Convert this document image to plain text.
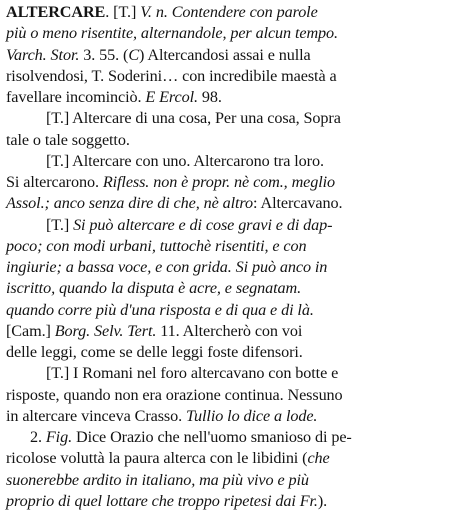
ALTERCARE. [T.] V. n. Contendere con parole
più o meno risentite, alternandole, per alcun tempo.
Varch. Stor. 3. 55. (C) Altercandosi assai e nulla
risolvendosi, T. Soderini… con incredibile maestà a
favellare incominciò. E Ercol. 98.
[T.] Altercare di una cosa, Per una cosa, Sopra
tale o tale soggetto.
[T.] Altercare con uno. Altercarono tra loro.
Si altercarono. Rifless. non è propr. nè com., meglio
Assol.; anco senza dire di che, nè altro: Altercavano.
[T.] Si può altercare e di cose gravi e di dap-
poco; con modi urbani, tuttochè risentiti, e con
ingiurie; a bassa voce, e con grida. Si può anco in
iscritto, quando la disputa è acre, e segnatam.
quando corre più d'una risposta e di qua e di là.
[Cam.] Borg. Selv. Tert. 11. Altercherò con voi
delle leggi, come se delle leggi foste difensori.
[T.] I Romani nel foro altercavano con botte e
risposte, quando non era orazione continua. Nessuno
in altercare vinceva Crasso. Tullio lo dice a lode.
2. Fig. Dice Orazio che nell'uomo smanioso di pe-
ricolose voluttà la paura alterca con le libidini (che
suonerebbe ardito in italiano, ma più vivo e più
proprio di quel lottare che troppo ripetesi dai Fr.).
